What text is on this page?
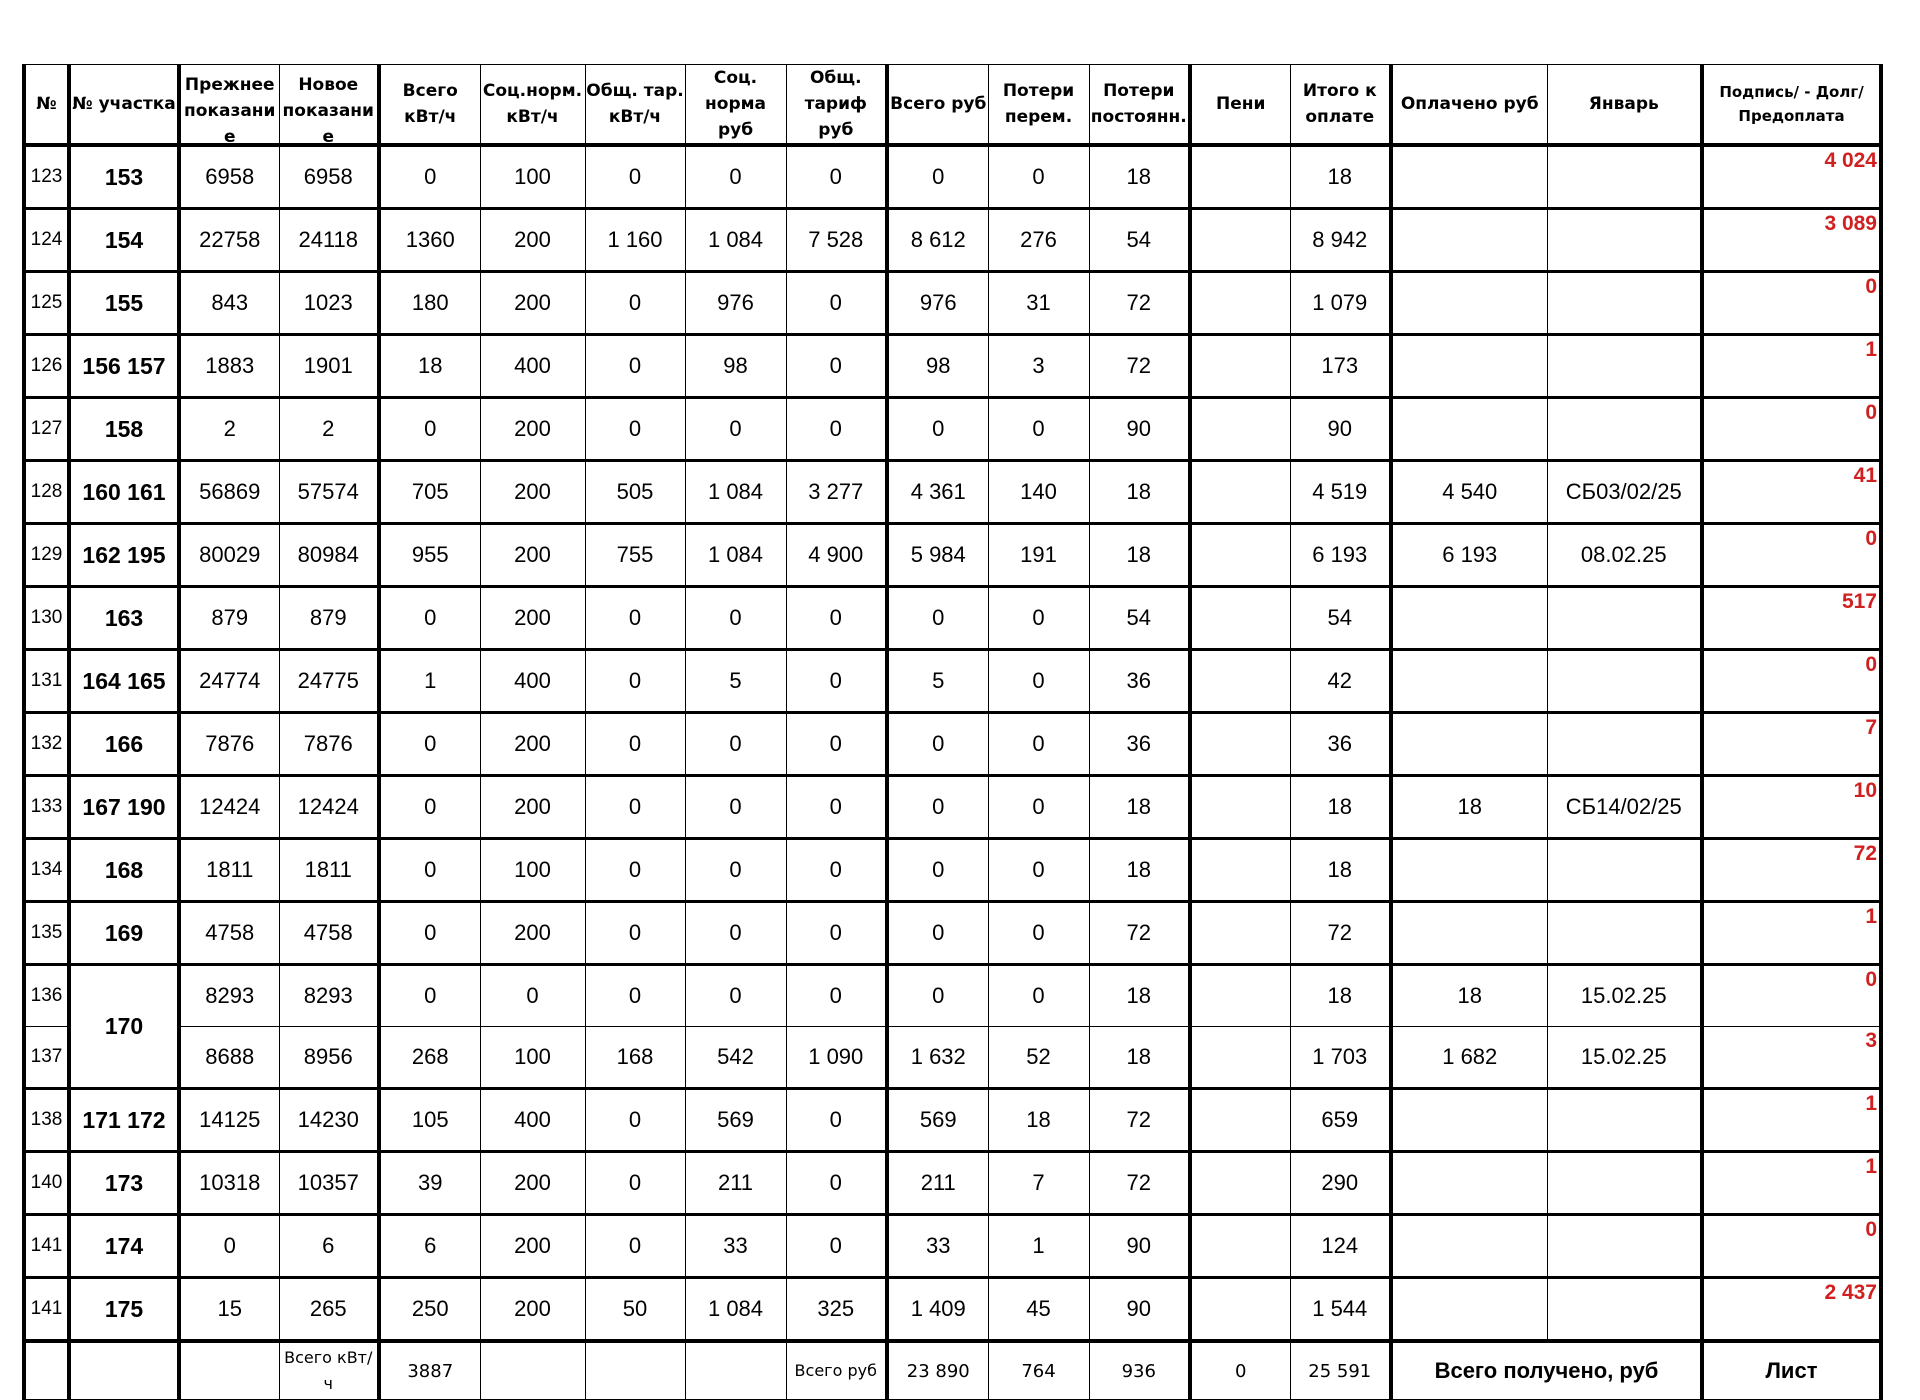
№	№ участка	Прежнее показани е	Новое показани е	Всего кВт/ч	Соц.норм. кВт/ч	Общ. тар. кВт/ч	Соц. норма руб	Общ. тариф руб	Всего руб	Потери перем.	Потери постоянн.	Пени	Итого к оплате	Оплачено руб	Январь	Подпись/ - Долг/Предоплата
123	153	6958	6958	0	100	0	0	0	0	0	18		18			4 024
124	154	22758	24118	1360	200	1 160	1 084	7 528	8 612	276	54		8 942			3 089
125	155	843	1023	180	200	0	976	0	976	31	72		1 079			0
126	156 157	1883	1901	18	400	0	98	0	98	3	72		173			1
127	158	2	2	0	200	0	0	0	0	0	90		90			0
128	160 161	56869	57574	705	200	505	1 084	3 277	4 361	140	18		4 519	4 540	СБ03/02/25	41
129	162 195	80029	80984	955	200	755	1 084	4 900	5 984	191	18		6 193	6 193	08.02.25	0
130	163	879	879	0	200	0	0	0	0	0	54		54			517
131	164 165	24774	24775	1	400	0	5	0	5	0	36		42			0
132	166	7876	7876	0	200	0	0	0	0	0	36		36			7
133	167 190	12424	12424	0	200	0	0	0	0	0	18		18	18	СБ14/02/25	10
134	168	1811	1811	0	100	0	0	0	0	0	18		18			72
135	169	4758	4758	0	200	0	0	0	0	0	72		72			1
136	170	8293	8293	0	0	0	0	0	0	0	18		18	18	15.02.25	0
137		8688	8956	268	100	168	542	1 090	1 632	52	18		1 703	1 682	15.02.25	3
138	171 172	14125	14230	105	400	0	569	0	569	18	72		659			1
140	173	10318	10357	39	200	0	211	0	211	7	72		290			1
141	174	0	6	6	200	0	33	0	33	1	90		124			0
141	175	15	265	250	200	50	1 084	325	1 409	45	90		1 544			2 437
			Всего кВт/ч	3887				Всего руб	23 890	764	936	0	25 591	Всего получено, руб		Лист
